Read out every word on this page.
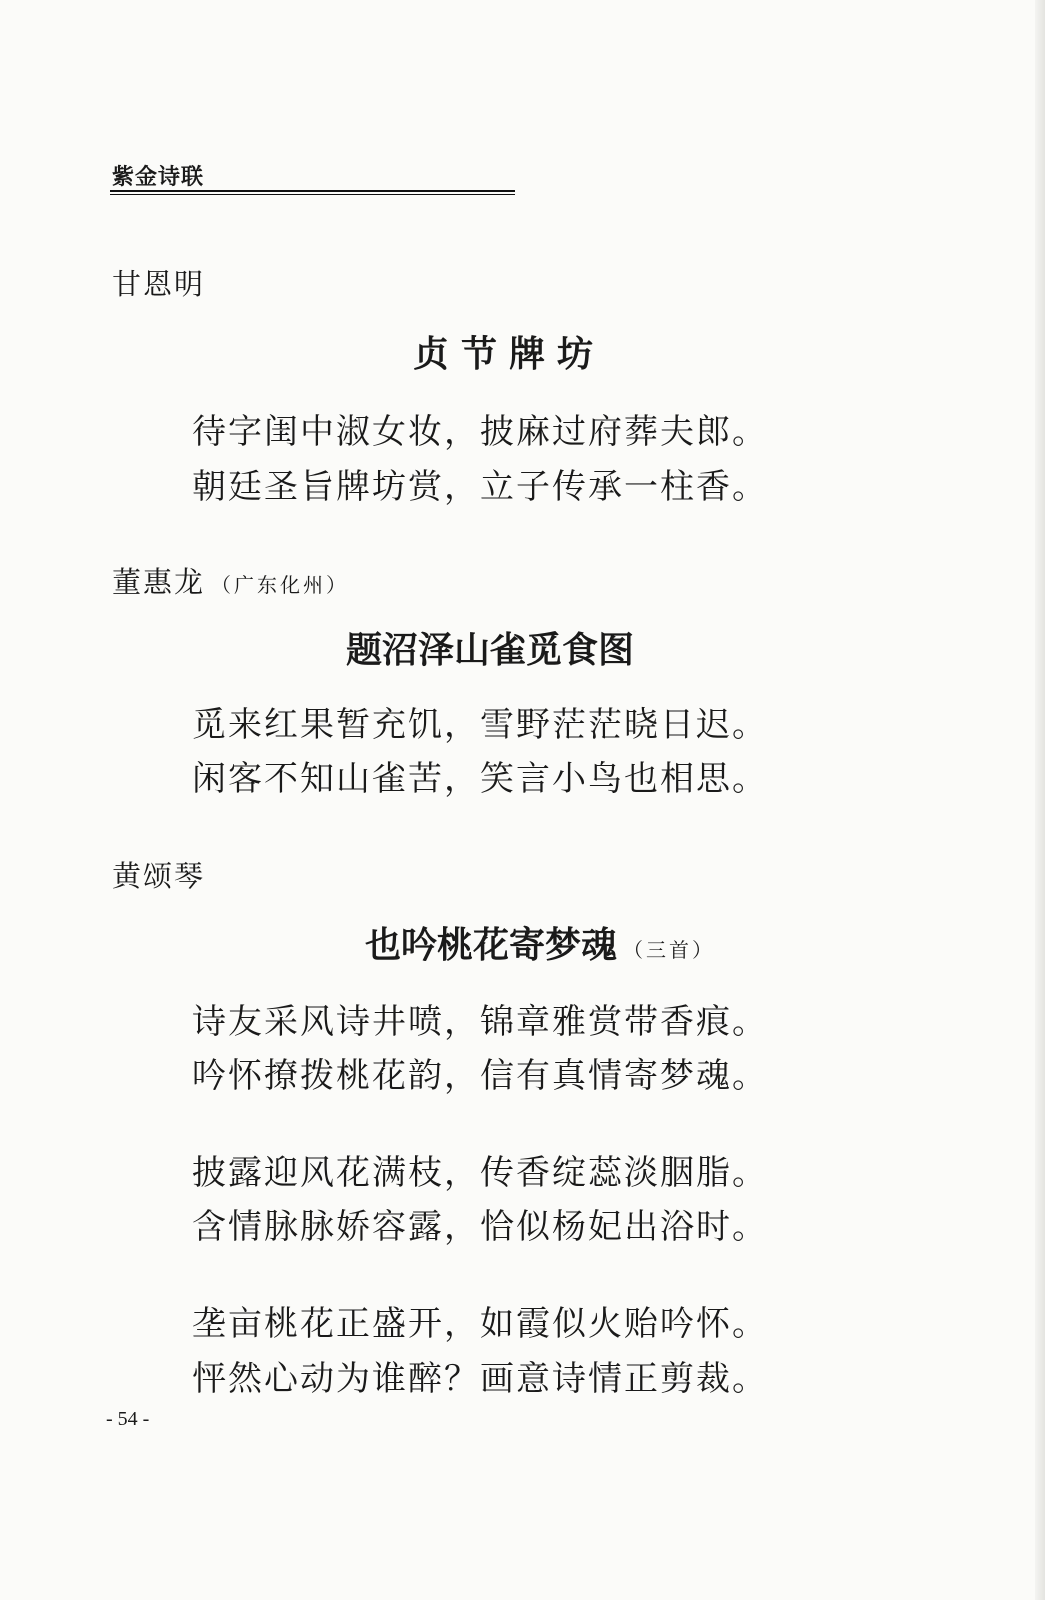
紫金诗联
甘恩明
贞节牌坊
待字闺中淑女妆，披麻过府葬夫郎。
朝廷圣旨牌坊赏，立子传承一柱香。
董惠龙 （广东化州）
题沼泽山雀觅食图
觅来红果暂充饥，雪野茫茫晓日迟。
闲客不知山雀苦，笑言小鸟也相思。
黄颂琴
也吟桃花寄梦魂 （三首）
诗友采风诗井喷，锦章雅赏带香痕。
吟怀撩拨桃花韵，信有真情寄梦魂。
披露迎风花满枝，传香绽蕊淡胭脂。
含情脉脉娇容露，恰似杨妃出浴时。
垄亩桃花正盛开，如霞似火贻吟怀。
怦然心动为谁醉？画意诗情正剪裁。
- 54 -
